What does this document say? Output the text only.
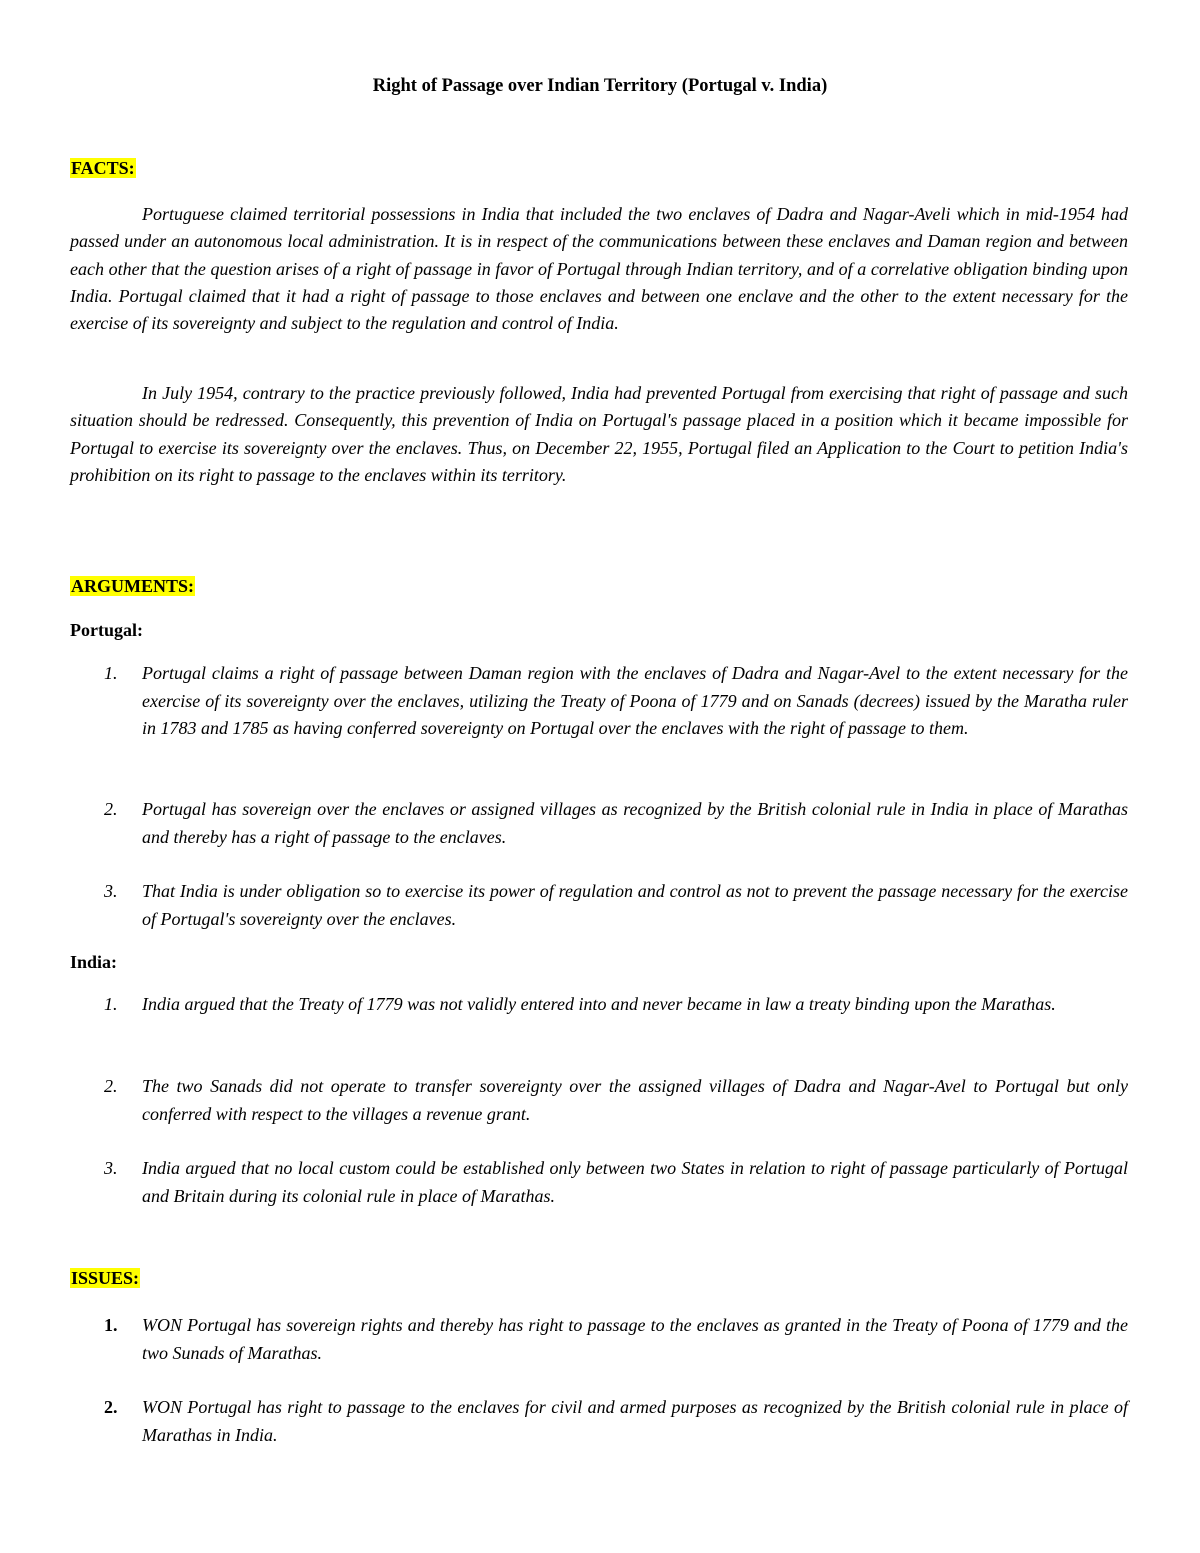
Right of Passage over Indian Territory (Portugal v. India)
FACTS:

Portuguese claimed territorial possessions in India that included the two enclaves of Dadra and Nagar-Aveli which in mid-1954 had passed under an autonomous local administration. It is in respect of the communications between these enclaves and Daman region and between each other that the question arises of a right of passage in favor of Portugal through Indian territory, and of a correlative obligation binding upon India. Portugal claimed that it had a right of passage to those enclaves and between one enclave and the other to the extent necessary for the exercise of its sovereignty and subject to the regulation and control of India.

In July 1954, contrary to the practice previously followed, India had prevented Portugal from exercising that right of passage and such situation should be redressed. Consequently, this prevention of India on Portugal's passage placed in a position which it became impossible for Portugal to exercise its sovereignty over the enclaves. Thus, on December 22, 1955, Portugal filed an Application to the Court to petition India's prohibition on its right to passage to the enclaves within its territory.

ARGUMENTS:
Portugal:
1.	Portugal claims a right of passage between Daman region with the enclaves of Dadra and Nagar-Avel to the extent necessary for the exercise of its sovereignty over the enclaves, utilizing the Treaty of Poona of 1779 and on Sanads (decrees) issued by the Maratha ruler in 1783 and 1785 as having conferred sovereignty on Portugal over the enclaves with the right of passage to them.
2.	Portugal has sovereign over the enclaves or assigned villages as recognized by the British colonial rule in India in place of Marathas and thereby has a right of passage to the enclaves.
3.	That India is under obligation so to exercise its power of regulation and control as not to prevent the passage necessary for the exercise of Portugal's sovereignty over the enclaves.
India:
1.	India argued that the Treaty of 1779 was not validly entered into and never became in law a treaty binding upon the Marathas.
2.	The two Sanads did not operate to transfer sovereignty over the assigned villages of Dadra and Nagar-Avel to Portugal but only conferred with respect to the villages a revenue grant.
3.	India argued that no local custom could be established only between two States in relation to right of passage particularly of Portugal and Britain during its colonial rule in place of Marathas.
ISSUES:
1.	WON Portugal has sovereign rights and thereby has right to passage to the enclaves as granted in the Treaty of Poona of 1779 and the two Sunads of Marathas.
2.	WON Portugal has right to passage to the enclaves for civil and armed purposes as recognized by the British colonial rule in place of Marathas in India.
